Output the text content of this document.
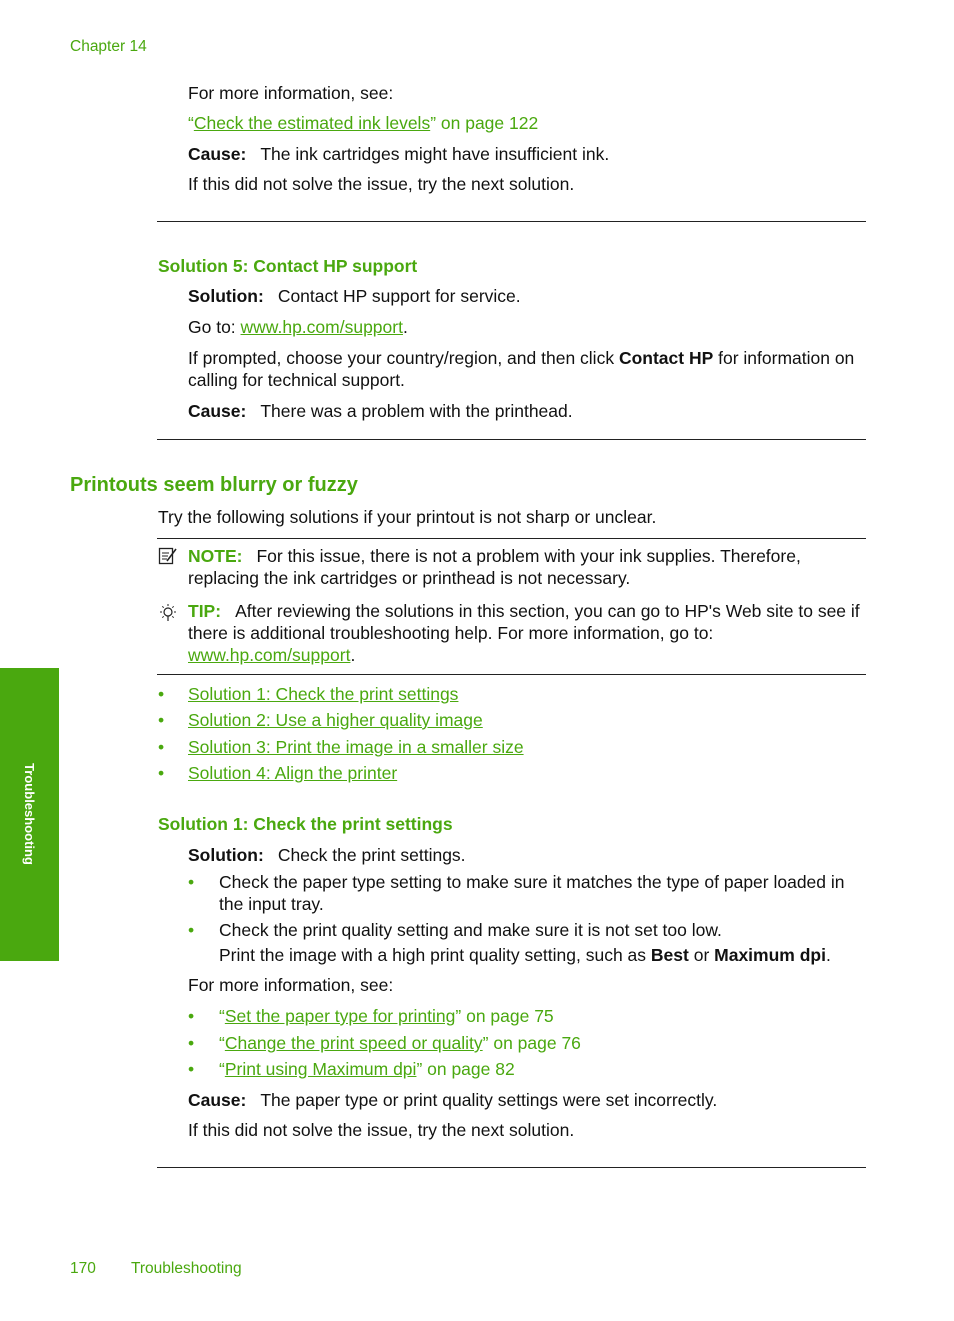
Chapter 14
For more information, see:
“Check the estimated ink levels” on page 122
Cause: The ink cartridges might have insufficient ink.
If this did not solve the issue, try the next solution.
Solution 5: Contact HP support
Solution: Contact HP support for service.
Go to: www.hp.com/support.
If prompted, choose your country/region, and then click Contact HP for information on calling for technical support.
Cause: There was a problem with the printhead.
Printouts seem blurry or fuzzy
Try the following solutions if your printout is not sharp or unclear.
NOTE: For this issue, there is not a problem with your ink supplies. Therefore, replacing the ink cartridges or printhead is not necessary.
TIP: After reviewing the solutions in this section, you can go to HP's Web site to see if there is additional troubleshooting help. For more information, go to: www.hp.com/support.
• Solution 1: Check the print settings
• Solution 2: Use a higher quality image
• Solution 3: Print the image in a smaller size
• Solution 4: Align the printer
Solution 1: Check the print settings
Solution: Check the print settings.
• Check the paper type setting to make sure it matches the type of paper loaded in the input tray.
• Check the print quality setting and make sure it is not set too low.
Print the image with a high print quality setting, such as Best or Maximum dpi.
For more information, see:
• “Set the paper type for printing” on page 75
• “Change the print speed or quality” on page 76
• “Print using Maximum dpi” on page 82
Cause: The paper type or print quality settings were set incorrectly.
If this did not solve the issue, try the next solution.
Troubleshooting
170 Troubleshooting
